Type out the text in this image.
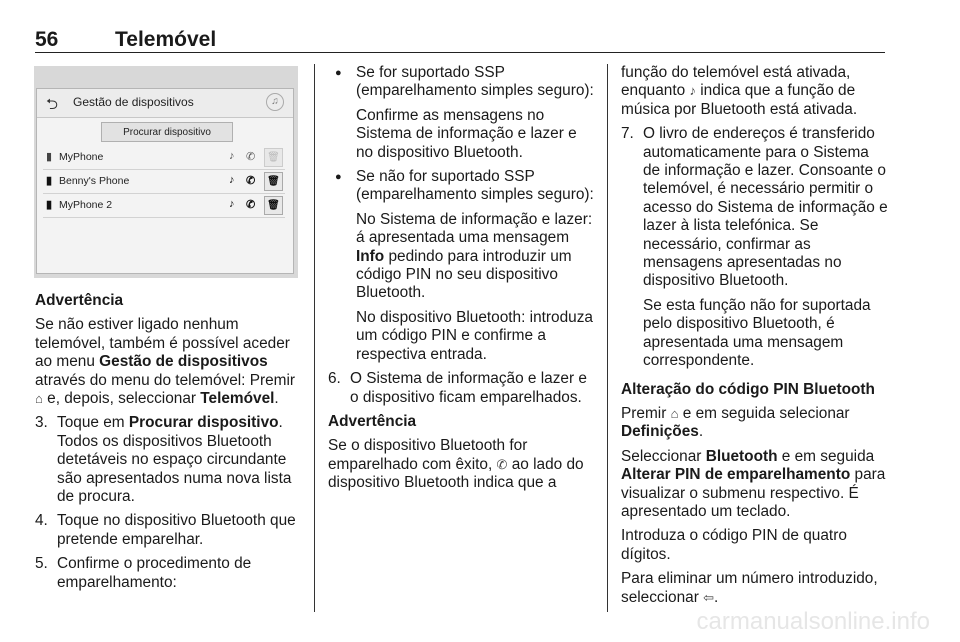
56	Telemóvel
⮌ Gestão de dispositivos	♫
Procurar dispositivo
▮ MyPhone	♪ ✆	🗑
▮ Benny's Phone	♪ ✆	🗑
▮ MyPhone 2	♪ ✆	🗑

Advertência

Se não estiver ligado nenhum telemóvel, também é possível aceder ao menu Gestão de dispositivos através do menu do telemóvel: Premir ⌂ e, depois, seleccionar Telemóvel.

3. Toque em Procurar dispositivo. Todos os dispositivos Bluetooth detetáveis no espaço circundante são apresentados numa nova lista de procura.
4. Toque no dispositivo Bluetooth que pretende emparelhar.
5. Confirme o procedimento de emparelhamento:
● Se for suportado SSP (emparelhamento simples seguro):

Confirme as mensagens no Sistema de informação e lazer e no dispositivo Bluetooth.

● Se não for suportado SSP (emparelhamento simples seguro):

No Sistema de informação e lazer: á apresentada uma mensagem Info pedindo para introduzir um código PIN no seu dispositivo Bluetooth.

No dispositivo Bluetooth: introduza um código PIN e confirme a respectiva entrada.

6. O Sistema de informação e lazer e o dispositivo ficam emparelhados.

Advertência

Se o dispositivo Bluetooth for emparelhado com êxito, ✆ ao lado do dispositivo Bluetooth indica que a

função do telemóvel está ativada, enquanto ♪ indica que a função de música por Bluetooth está ativada.

7. O livro de endereços é transferido automaticamente para o Sistema de informação e lazer. Consoante o telemóvel, é necessário permitir o acesso do Sistema de informação e lazer à lista telefónica. Se necessário, confirmar as mensagens apresentadas no dispositivo Bluetooth.

Se esta função não for suportada pelo dispositivo Bluetooth, é apresentada uma mensagem correspondente.

Alteração do código PIN Bluetooth

Premir ⌂ e em seguida selecionar Definições.

Seleccionar Bluetooth e em seguida Alterar PIN de emparelhamento para visualizar o submenu respectivo. É apresentado um teclado.

Introduza o código PIN de quatro dígitos.

Para eliminar um número introduzido, seleccionar ⇦.

carmanualsonline.info
